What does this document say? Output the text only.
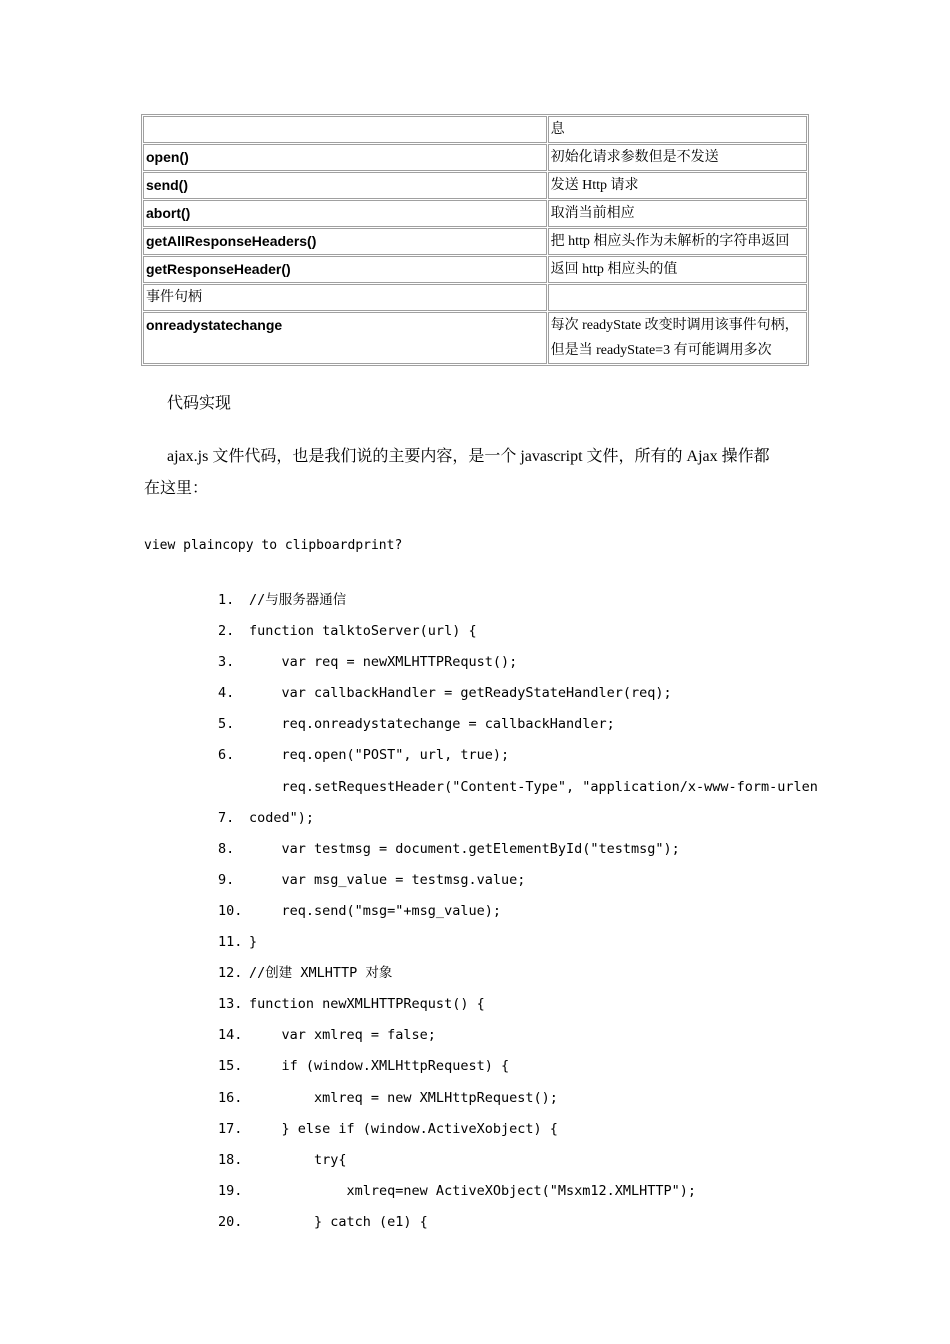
	息
open()	初始化请求参数但是不发送
send()	发送 Http 请求
abort()	取消当前相应
getAllResponseHeaders()	把 http 相应头作为未解析的字符串返回
getResponseHeader()	返回 http 相应头的值
事件句柄	
onreadystatechange	每次 readyState 改变时调用该事件句柄，
但是当 readyState=3 有可能调用多次
代码实现
ajax.js 文件代码，也是我们说的主要内容，是一个 javascript 文件，所有的 Ajax 操作都
在这里：
view plaincopy to clipboardprint?
1.	//与服务器通信
2.	function talktoServer(url) {
3.	var req = newXMLHTTPRequst();
4.	var callbackHandler = getReadyStateHandler(req);
5.	req.onreadystatechange = callbackHandler;
6.	req.open("POST", url, true);

7.

req.setRequestHeader("Content-Type", "application/x-www-form-urlen

coded");

8.	var testmsg = document.getElementById("testmsg");
9.	var msg_value = testmsg.value;
10. req.send("msg="+msg_value);
11. }
12. //创建 XMLHTTP 对象
13. function newXMLHTTPRequst() {
14. var xmlreq = false;
15. if (window.XMLHttpRequest) {
16. xmlreq = new XMLHttpRequest();
17. } else if (window.ActiveXobject) {
18. try{
19. xmlreq=new ActiveXObject("Msxm12.XMLHTTP");
20. } catch (e1) {
